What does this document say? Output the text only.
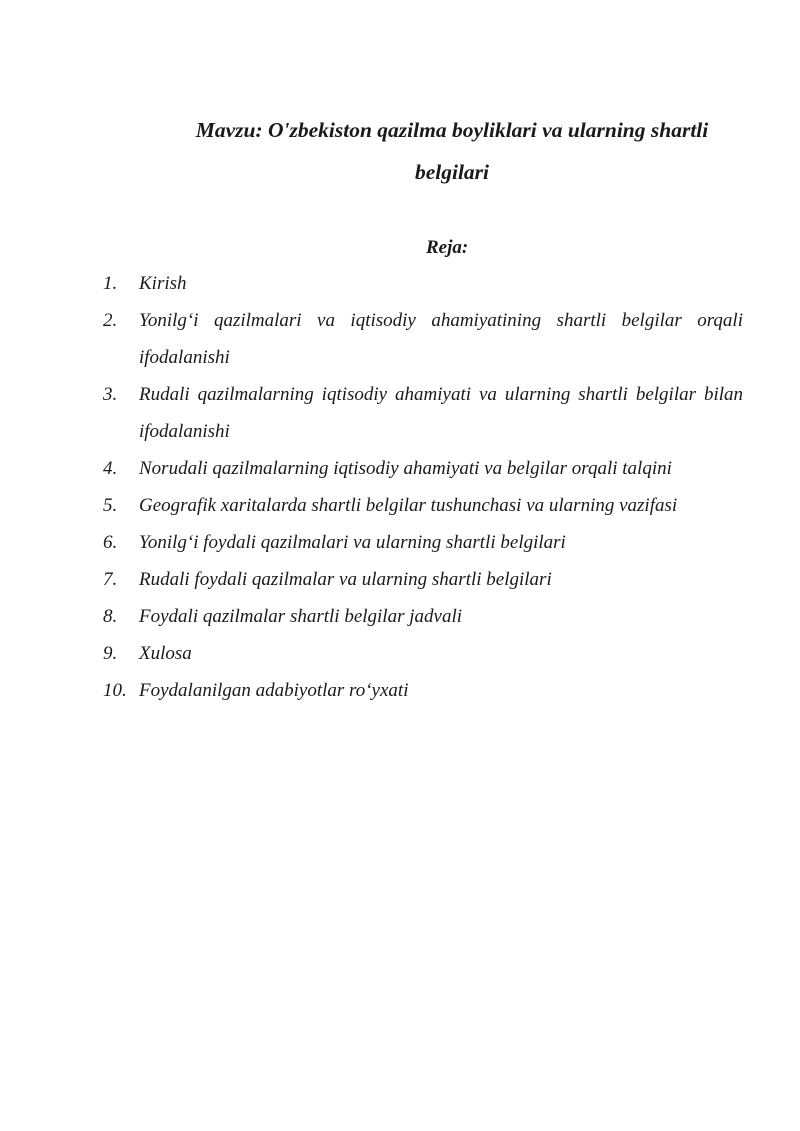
Mavzu: O'zbekiston qazilma boyliklari va ularning shartli belgilari

Reja:

1. Kirish
2. Yonilg‘i qazilmalari va iqtisodiy ahamiyatining shartli belgilar orqali ifodalanishi
3. Rudali qazilmalarning iqtisodiy ahamiyati va ularning shartli belgilar bilan ifodalanishi
4. Norudali qazilmalarning iqtisodiy ahamiyati va belgilar orqali talqini
5. Geografik xaritalarda shartli belgilar tushunchasi va ularning vazifasi
6. Yonilg‘i foydali qazilmalari va ularning shartli belgilari
7. Rudali foydali qazilmalar va ularning shartli belgilari
8. Foydali qazilmalar shartli belgilar jadvali
9. Xulosa
10. Foydalanilgan adabiyotlar ro‘yxati
